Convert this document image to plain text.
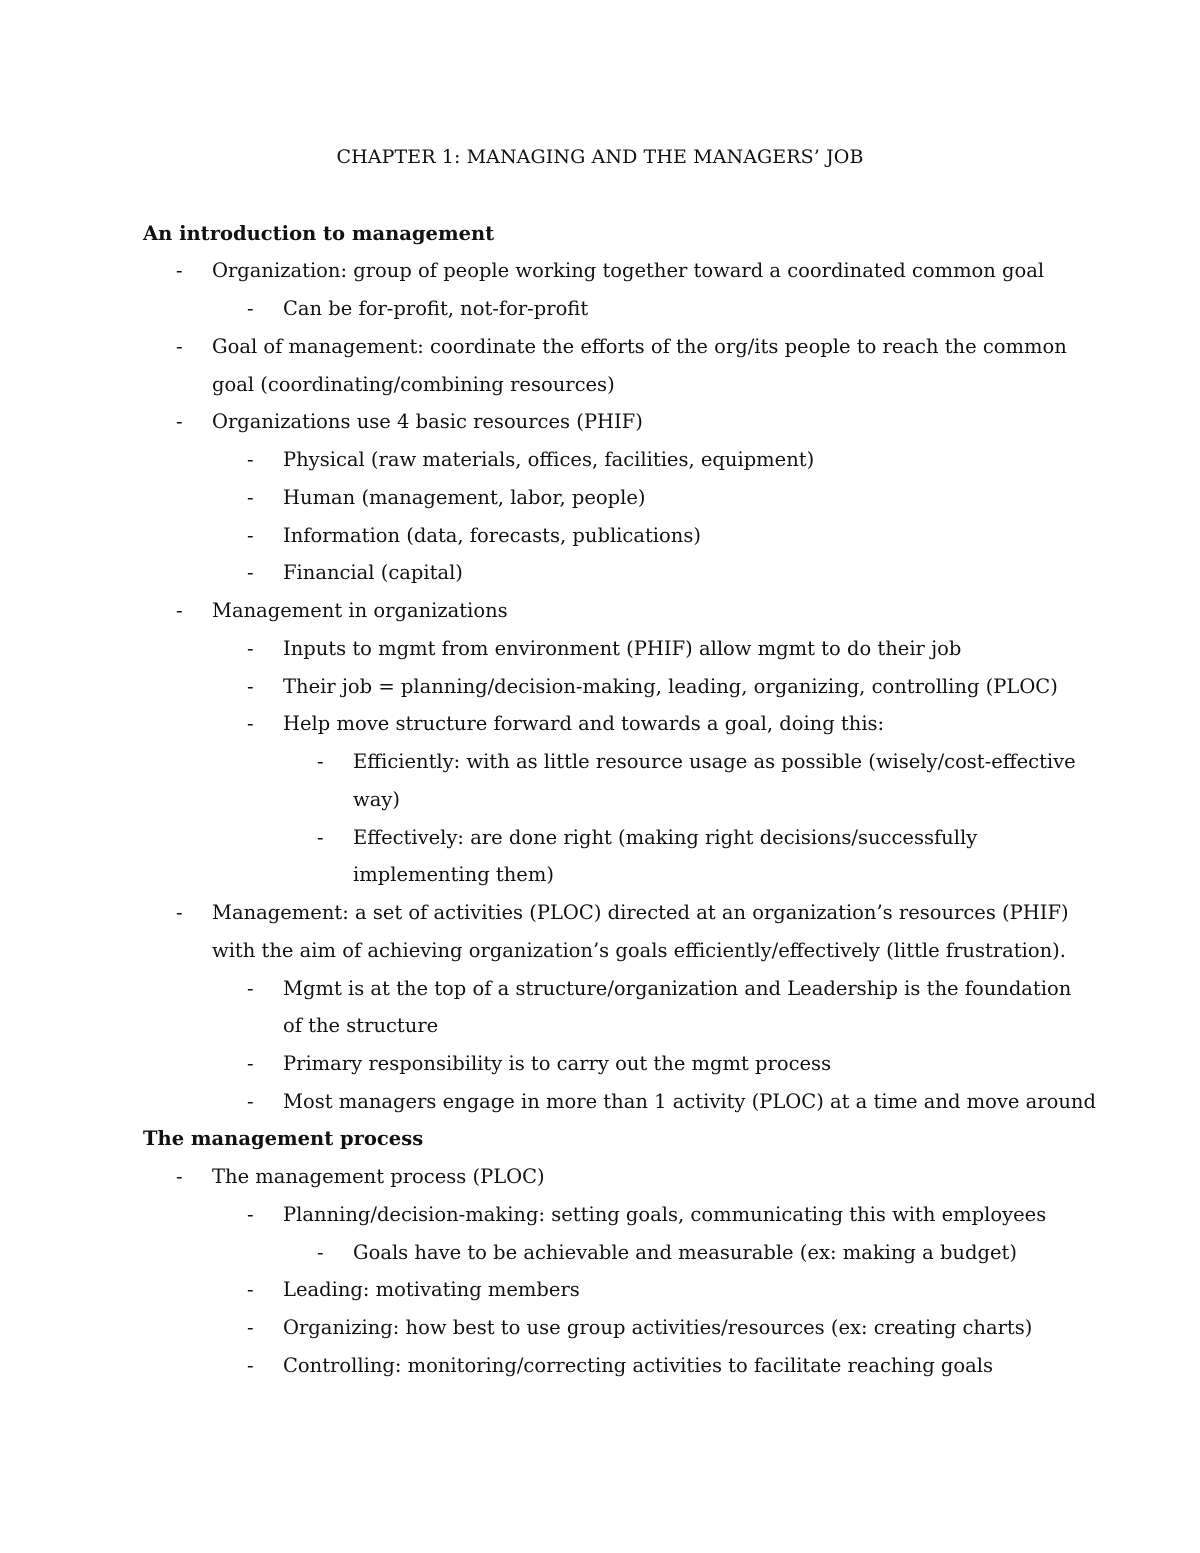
CHAPTER 1: MANAGING AND THE MANAGERS’ JOB
An introduction to management
- Organization: group of people working together toward a coordinated common goal
- Can be for-profit, not-for-profit
- Goal of management: coordinate the efforts of the org/its people to reach the common
goal (coordinating/combining resources)
- Organizations use 4 basic resources (PHIF)
- Physical (raw materials, offices, facilities, equipment)
- Human (management, labor, people)
- Information (data, forecasts, publications)
- Financial (capital)
- Management in organizations
- Inputs to mgmt from environment (PHIF) allow mgmt to do their job
- Their job = planning/decision-making, leading, organizing, controlling (PLOC)
- Help move structure forward and towards a goal, doing this:
- Efficiently: with as little resource usage as possible (wisely/cost-effective
way)
- Effectively: are done right (making right decisions/successfully
implementing them)
- Management: a set of activities (PLOC) directed at an organization’s resources (PHIF)
with the aim of achieving organization’s goals efficiently/effectively (little frustration).
- Mgmt is at the top of a structure/organization and Leadership is the foundation
of the structure
- Primary responsibility is to carry out the mgmt process
- Most managers engage in more than 1 activity (PLOC) at a time and move around
The management process
- The management process (PLOC)
- Planning/decision-making: setting goals, communicating this with employees
- Goals have to be achievable and measurable (ex: making a budget)
- Leading: motivating members
- Organizing: how best to use group activities/resources (ex: creating charts)
- Controlling: monitoring/correcting activities to facilitate reaching goals
